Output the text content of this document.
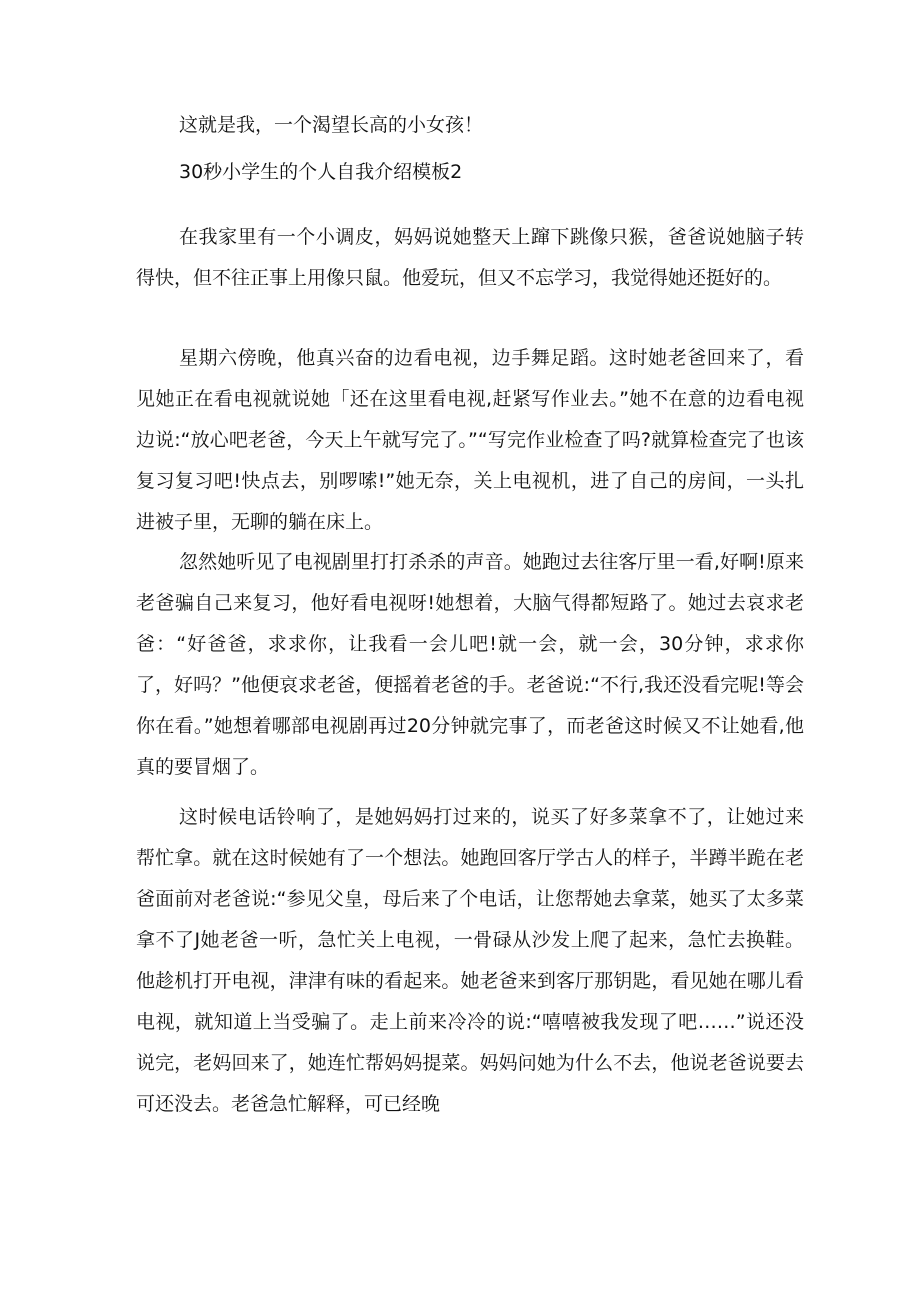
这就是我，一个渴望长高的小女孩！
30秒小学生的个人自我介绍模板2

在我家里有一个小调皮，妈妈说她整天上蹿下跳像只猴，爸爸说她脑子转得快，但不往正事上用像只鼠。他爱玩，但又不忘学习，我觉得她还挺好的。

星期六傍晚，他真兴奋的边看电视，边手舞足蹈。这时她老爸回来了，看见她正在看电视就说她「还在这里看电视,赶紧写作业去。”她不在意的边看电视边说:“放心吧老爸，今天上午就写完了。”“写完作业检查了吗?就算检查完了也该复习复习吧!快点去，别啰嗦!”她无奈，关上电视机，进了自己的房间，一头扎进被子里，无聊的躺在床上。

忽然她听见了电视剧里打打杀杀的声音。她跑过去往客厅里一看,好啊!原来老爸骗自己来复习，他好看电视呀!她想着，大脑气得都短路了。她过去哀求老爸：“好爸爸，求求你，让我看一会儿吧!就一会，就一会，30分钟，求求你了，好吗？”他便哀求老爸，便摇着老爸的手。老爸说:“不行,我还没看完呢!等会你在看。”她想着哪部电视剧再过20分钟就完事了，而老爸这时候又不让她看,他真的要冒烟了。

这时候电话铃响了，是她妈妈打过来的，说买了好多菜拿不了，让她过来帮忙拿。就在这时候她有了一个想法。她跑回客厅学古人的样子，半蹲半跪在老爸面前对老爸说:“参见父皇，母后来了个电话，让您帮她去拿菜，她买了太多菜拿不了J她老爸一听，急忙关上电视，一骨碌从沙发上爬了起来，急忙去换鞋。他趁机打开电视，津津有味的看起来。她老爸来到客厅那钥匙，看见她在哪儿看电视，就知道上当受骗了。走上前来冷冷的说:“嘻嘻被我发现了吧……”说还没说完，老妈回来了，她连忙帮妈妈提菜。妈妈问她为什么不去，他说老爸说要去可还没去。老爸急忙解释，可已经晚
